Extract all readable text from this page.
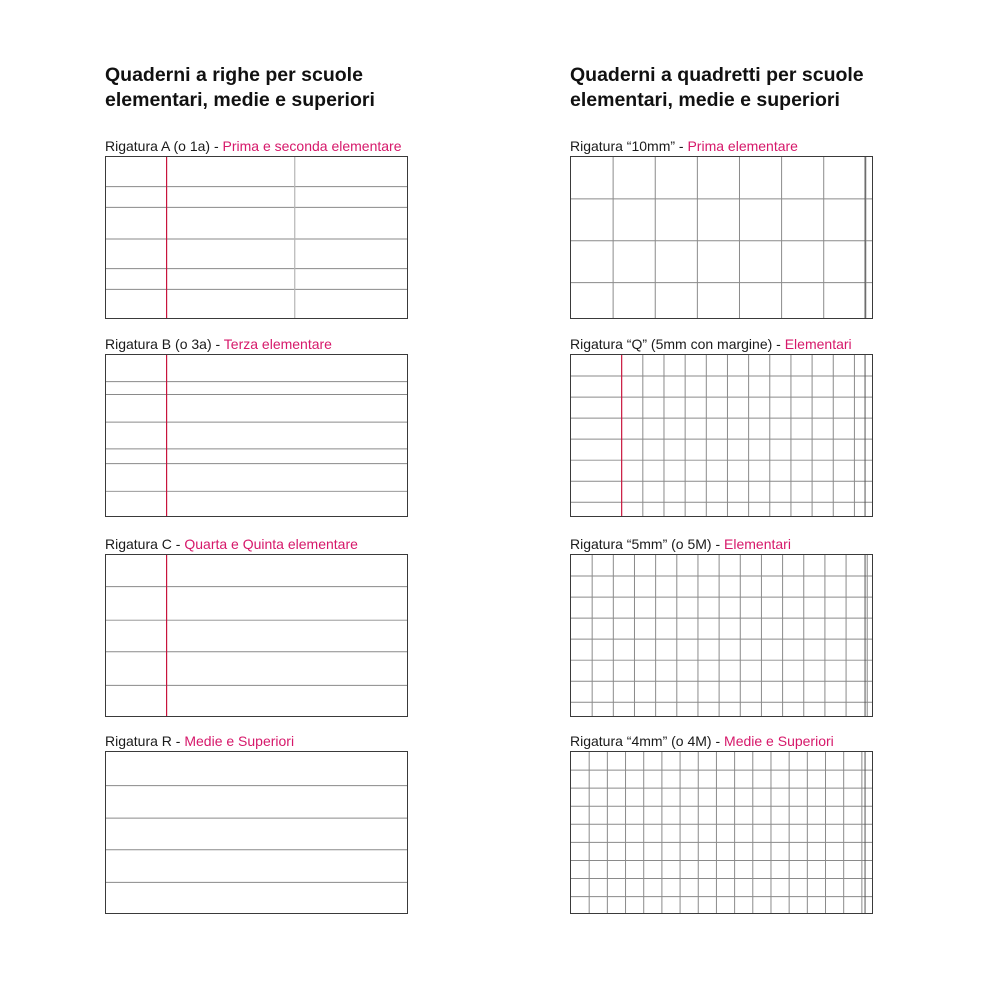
Quaderni a righe per scuole
elementari, medie e superiori
Rigatura A (o 1a) - Prima e seconda elementare
Rigatura B (o 3a) - Terza elementare
Rigatura C - Quarta e Quinta elementare
Rigatura R - Medie e Superiori
Quaderni a quadretti per scuole
elementari, medie e superiori
Rigatura “10mm” - Prima elementare
Rigatura “Q” (5mm con margine) - Elementari
Rigatura “5mm” (o 5M) - Elementari
Rigatura “4mm” (o 4M) - Medie e Superiori
